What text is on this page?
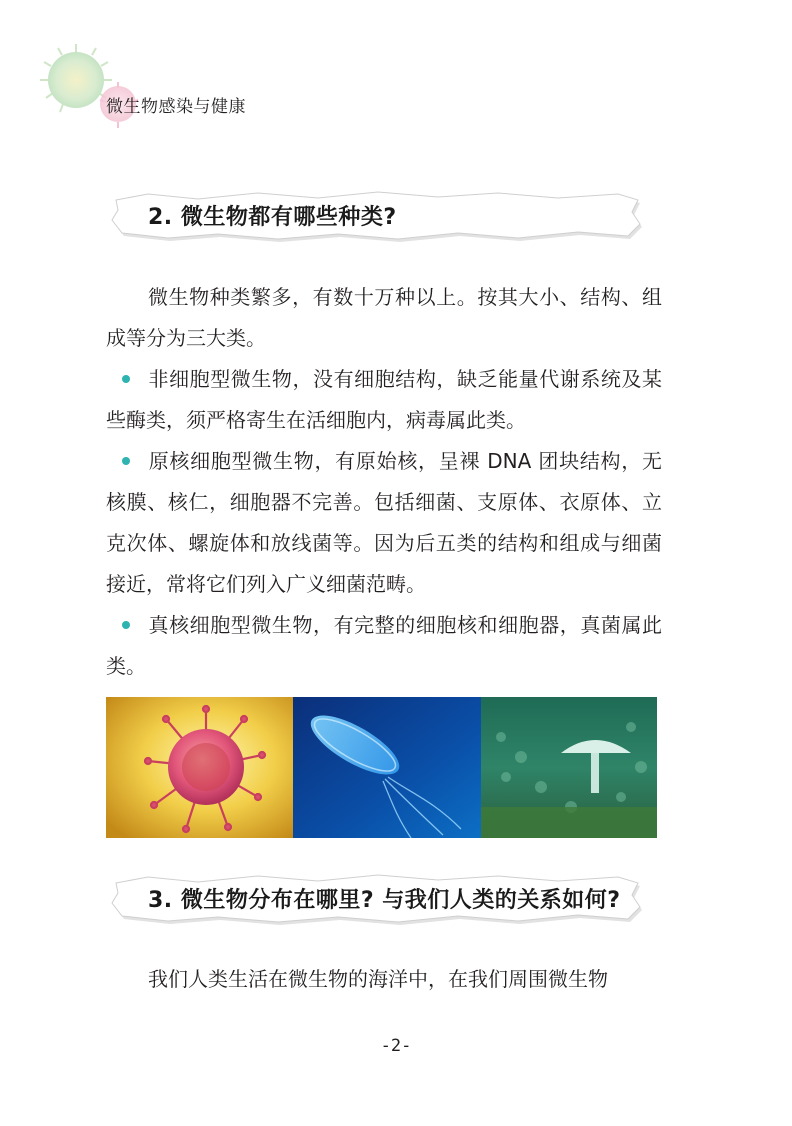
微生物感染与健康
2. 微生物都有哪些种类?

微生物种类繁多，有数十万种以上。按其大小、结构、组成等分为三大类。

非细胞型微生物，没有细胞结构，缺乏能量代谢系统及某些酶类，须严格寄生在活细胞内，病毒属此类。

原核细胞型微生物，有原始核，呈裸 DNA 团块结构，无核膜、核仁，细胞器不完善。包括细菌、支原体、衣原体、立克次体、螺旋体和放线菌等。因为后五类的结构和组成与细菌接近，常将它们列入广义细菌范畴。

真核细胞型微生物，有完整的细胞核和细胞器，真菌属此类。

3. 微生物分布在哪里? 与我们人类的关系如何?

我们人类生活在微生物的海洋中，在我们周围微生物

-2-
